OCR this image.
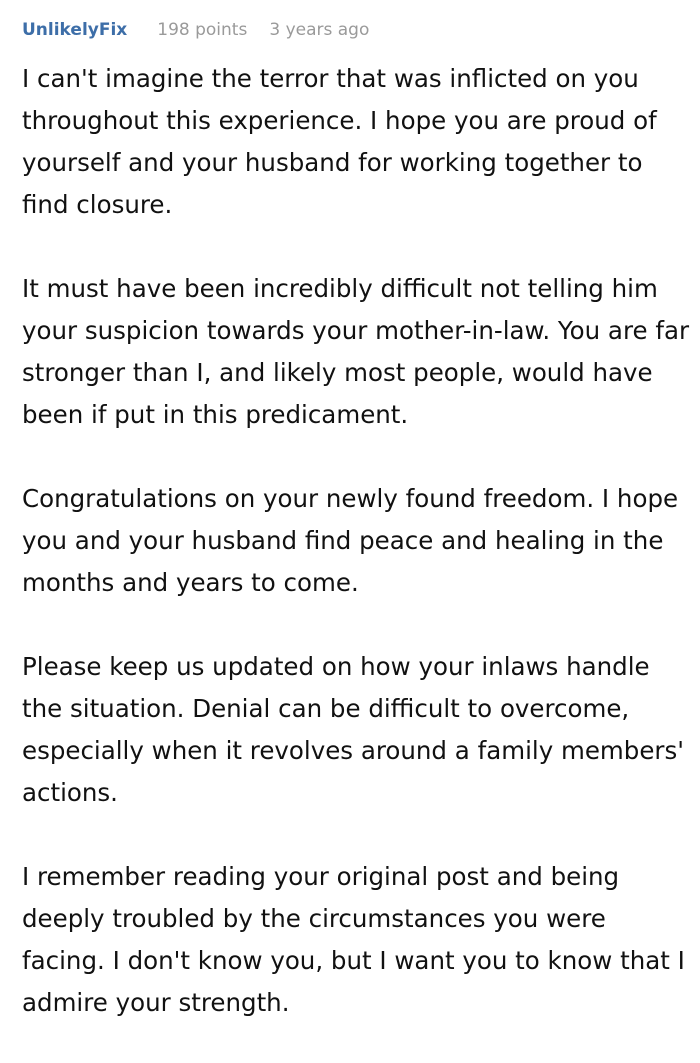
UnlikelyFix 198 points 3 years ago

I can't imagine the terror that was inflicted on you throughout this experience. I hope you are proud of yourself and your husband for working together to find closure.

It must have been incredibly difficult not telling him your suspicion towards your mother-in-law. You are far stronger than I, and likely most people, would have been if put in this predicament.

Congratulations on your newly found freedom. I hope you and your husband find peace and healing in the months and years to come.

Please keep us updated on how your inlaws handle the situation. Denial can be difficult to overcome, especially when it revolves around a family members' actions.

I remember reading your original post and being deeply troubled by the circumstances you were facing. I don't know you, but I want you to know that I admire your strength.
